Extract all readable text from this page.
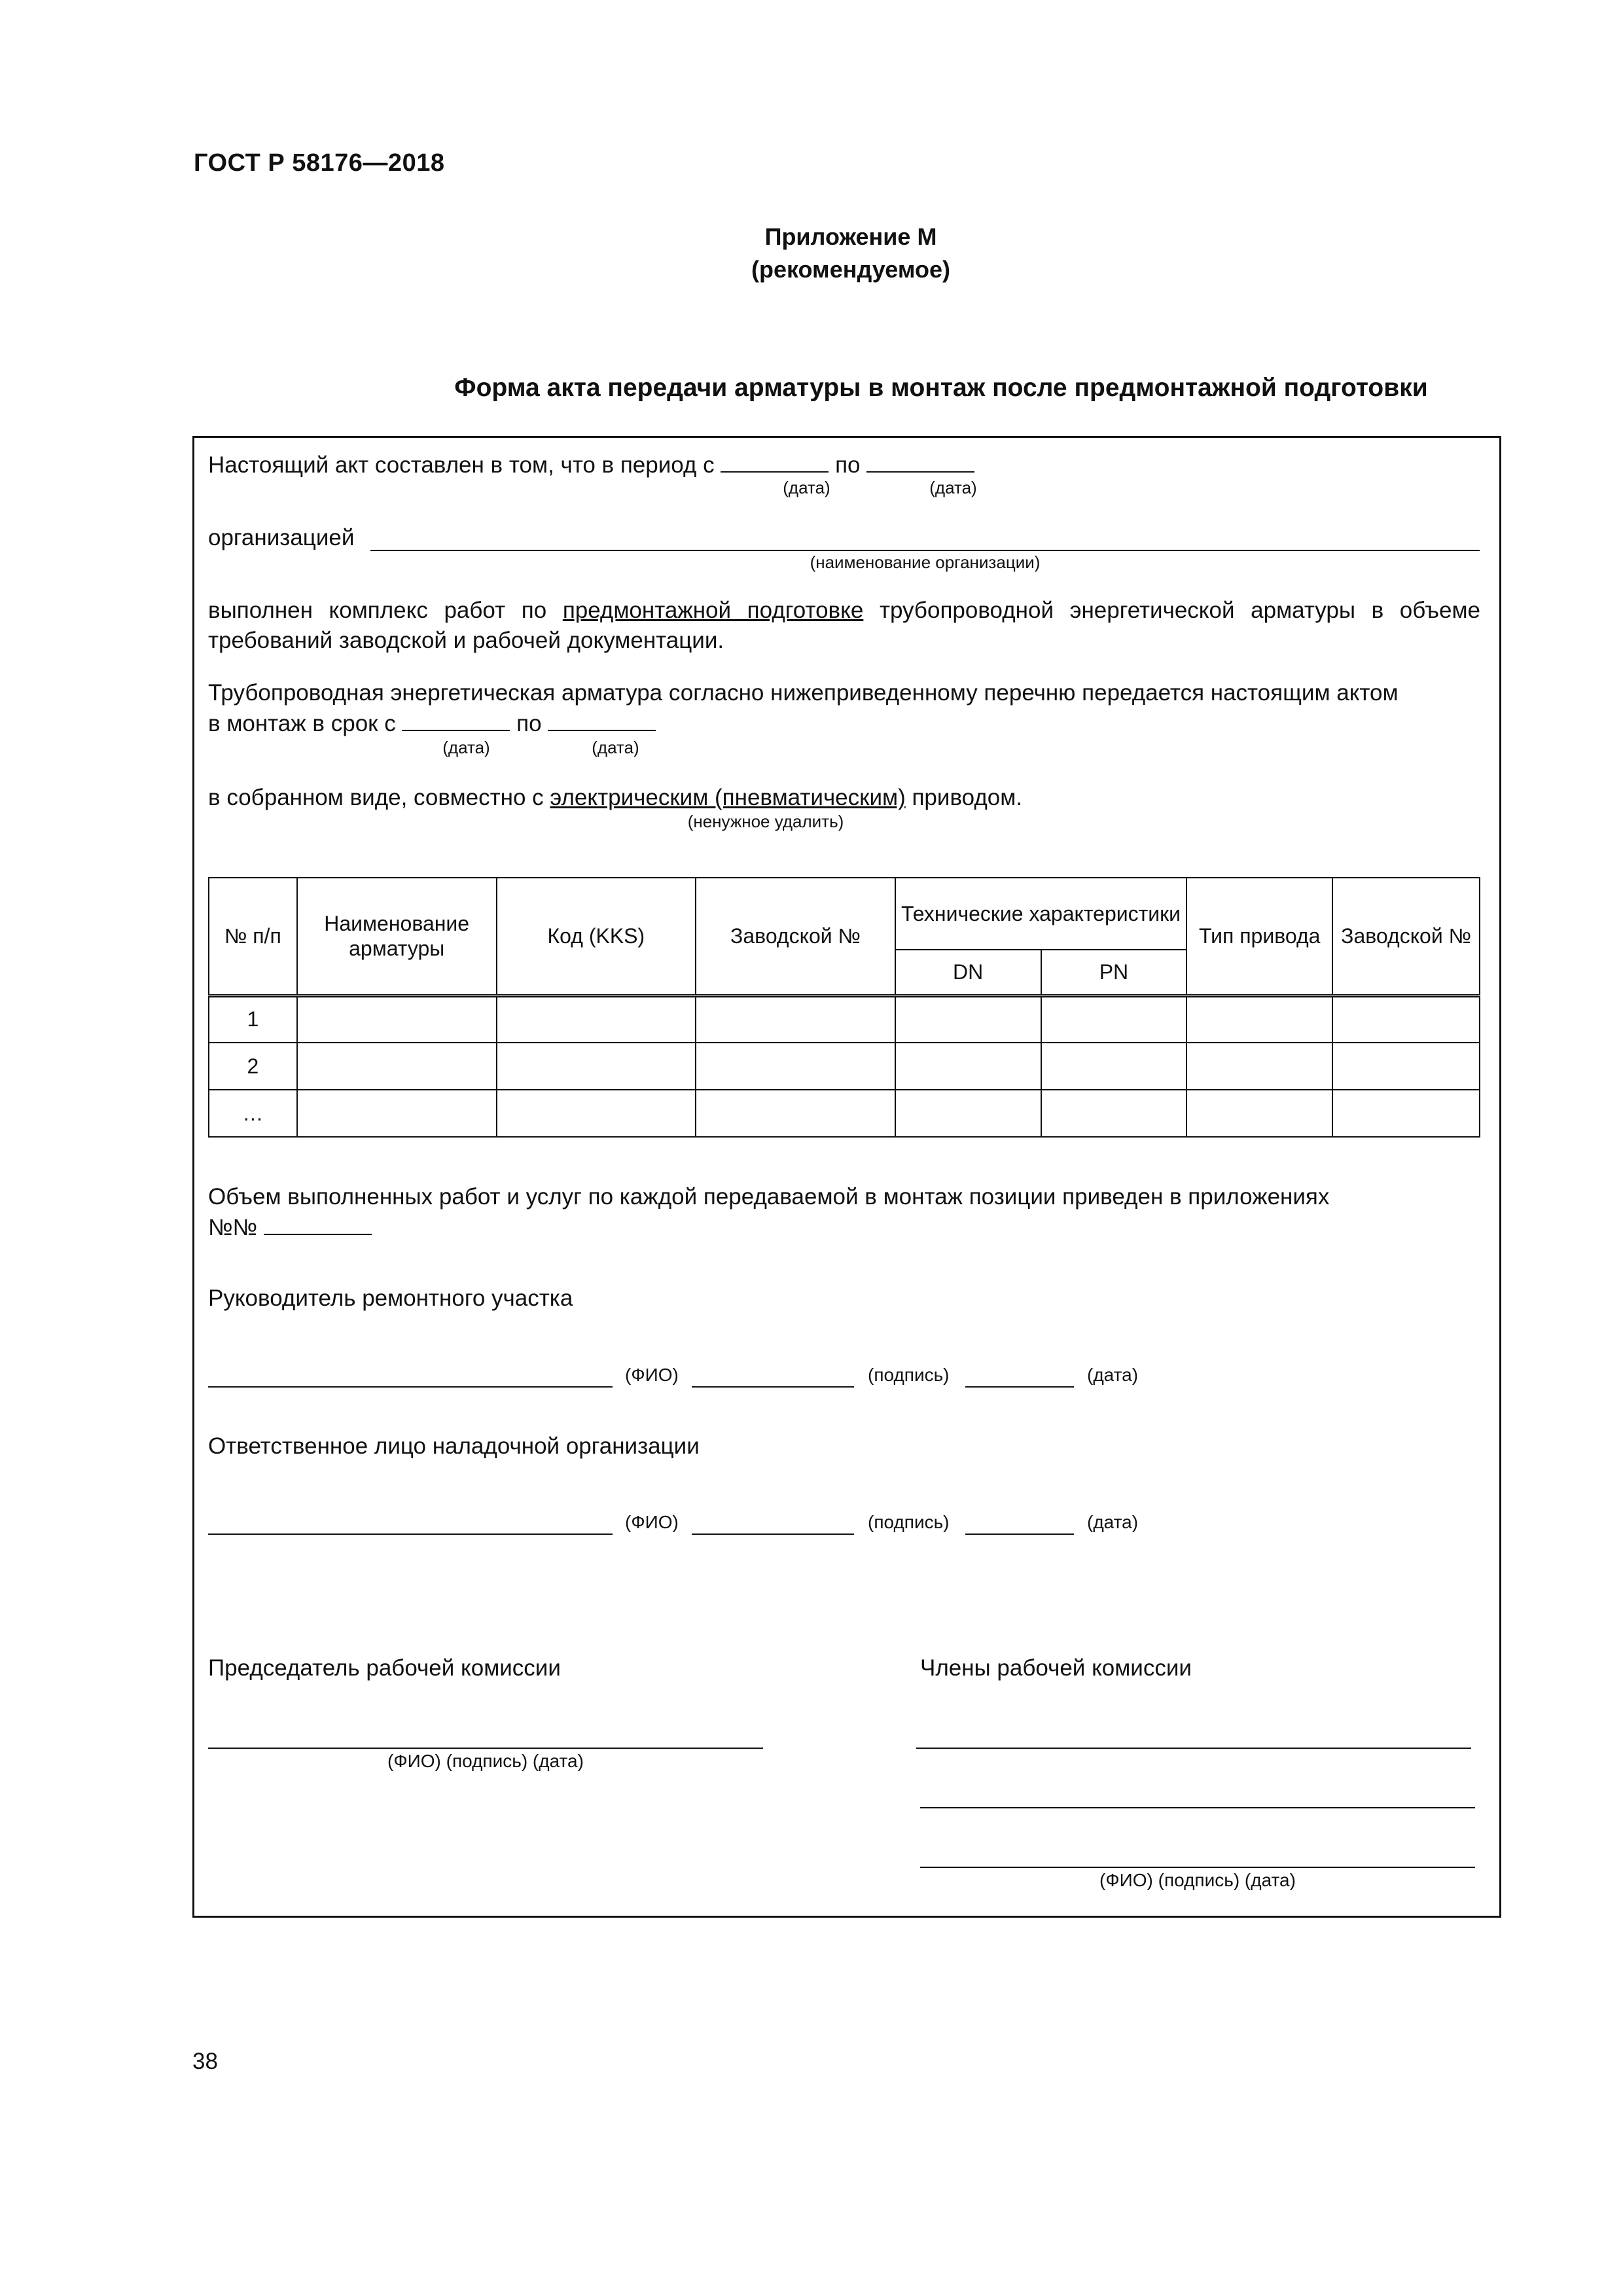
ГОСТ Р 58176—2018
Приложение М
(рекомендуемое)
Форма акта передачи арматуры в монтаж после предмонтажной подготовки
Настоящий акт составлен в том, что в период с	по
(дата)	(дата)
организацией
(наименование организации)
выполнен комплекс работ по предмонтажной подготовке трубопроводной энергетической арматуры в объеме требований заводской и рабочей документации.
Трубопроводная энергетическая арматура согласно нижеприведенному перечню передается настоящим актом
в монтаж в срок с	по
(дата)	(дата)
в собранном виде, совместно с электрическим (пневматическим) приводом.
(ненужное удалить)
№ п/п	Наименование арматуры	Код (KKS)	Заводской №	Технические характеристики		Тип привода	Заводской №
				DN	PN		
1							
2							
…							
Объем выполненных работ и услуг по каждой передаваемой в монтаж позиции приведен в приложениях
№№
Руководитель ремонтного участка
(ФИО)	(подпись)	(дата)
Ответственное лицо наладочной организации
(ФИО)	(подпись)	(дата)
Председатель рабочей комиссии
(ФИО) (подпись) (дата)
Члены рабочей комиссии
(ФИО) (подпись) (дата)
38
